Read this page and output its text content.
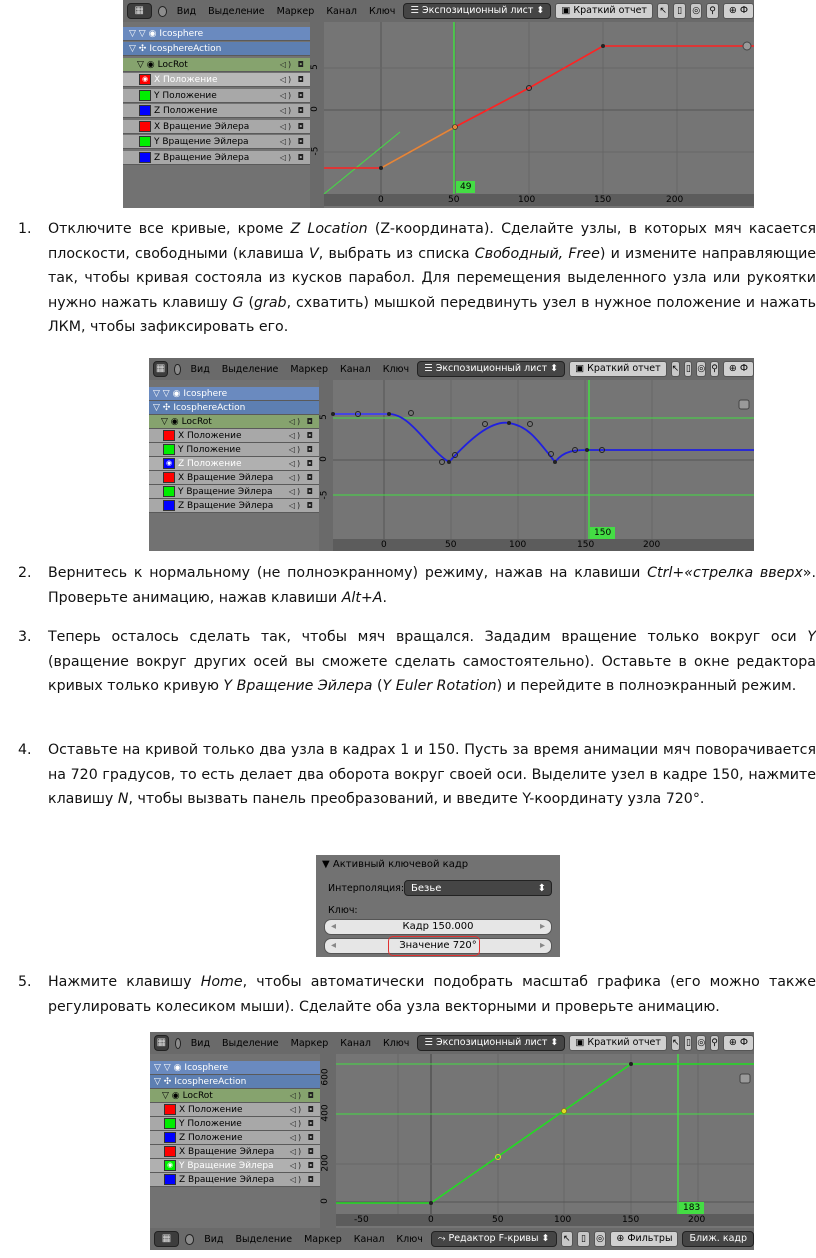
▦	Вид	Выделение	Маркер	Канал	Ключ	☰ Экспозиционный лист ⬍	▣ Краткий отчет	↖	▯	◎	⚲	⊕ Ф
▽ ▽ ◉ Icosphere
▽ ✣ IcosphereAction
▽ ◉ LocRot	◁) ◘
◉ X Положение	◁) ◘
Y Положение	◁) ◘
Z Положение	◁) ◘
X Вращение Эйлера	◁) ◘
Y Вращение Эйлера	◁) ◘
Z Вращение Эйлера	◁) ◘
5
0
-5
49
0	50	100	150	200
1. Отключите все кривые, кроме Z Location (Z-координата). Сделайте узлы, в которых мяч касается плоскости, свободными (клавиша V, выбрать из списка Свободный, Free) и измените направляющие так, чтобы кривая состояла из кусков парабол. Для перемещения выделенного узла или рукоятки нужно нажать клавишу G (grab, схватить) мышкой передвинуть узел в нужное положение и нажать ЛКМ, чтобы зафиксировать его.
▦	Вид	Выделение	Маркер	Канал	Ключ	☰ Экспозиционный лист ⬍	▣ Краткий отчет	↖ ▯ ◎ ⚲	⊕ Ф
▽ ▽ ◉ Icosphere
▽ ✣ IcosphereAction
▽ ◉ LocRot	◁) ◘
X Положение	◁) ◘
Y Положение	◁) ◘
◉ Z Положение	◁) ◘
X Вращение Эйлера ◁) ◘
Y Вращение Эйлера ◁) ◘
Z Вращение Эйлера ◁) ◘
5
0
-5
150
0	50	100	150	200
2. Вернитесь к нормальному (не полноэкранному) режиму, нажав на клавиши Ctrl+«стрелка вверх». Проверьте анимацию, нажав клавиши Alt+A.
3. Теперь осталось сделать так, чтобы мяч вращался. Зададим вращение только вокруг оси Y (вращение вокруг других осей вы сможете сделать самостоятельно). Оставьте в окне редактора кривых только кривую Y Вращение Эйлера (Y Euler Rotation) и перейдите в полноэкранный режим.
4. Оставьте на кривой только два узла в кадрах 1 и 150. Пусть за время анимации мяч поворачивается на 720 градусов, то есть делает два оборота вокруг своей оси. Выделите узел в кадре 150, нажмите клавишу N, чтобы вызвать панель преобразований, и введите Y-координату узла 720°.
▼ Активный ключевой кадр
Интерполяция: Безье	⬍
Ключ:
◂	Кадр 150.000	▸
◂	Значение 720°	▸
5. Нажмите клавишу Home, чтобы автоматически подобрать масштаб графика (его можно также регулировать колесиком мыши). Сделайте оба узла векторными и проверьте анимацию.
▦	Вид	Выделение	Маркер	Канал	Ключ	☰ Экспозиционный лист ⬍	▣ Краткий отчет	↖ ▯ ◎ ⚲	⊕ Ф
▽ ▽ ◉ Icosphere
▽ ✣ IcosphereAction
▽ ◉ LocRot	◁) ◘
X Положение	◁) ◘
Y Положение	◁) ◘
Z Положение	◁) ◘
X Вращение Эйлера ◁) ◘
◉ Y Вращение Эйлера ◁) ◘
Z Вращение Эйлера ◁) ◘
600
400
200
0
183
-50	0	50	100	150	200
▦	Вид	Выделение	Маркер	Канал	Ключ	⤳ Редактор F-кривы ⬍	↖	▯	◎	⊕ Фильтры	Ближ. кадр
